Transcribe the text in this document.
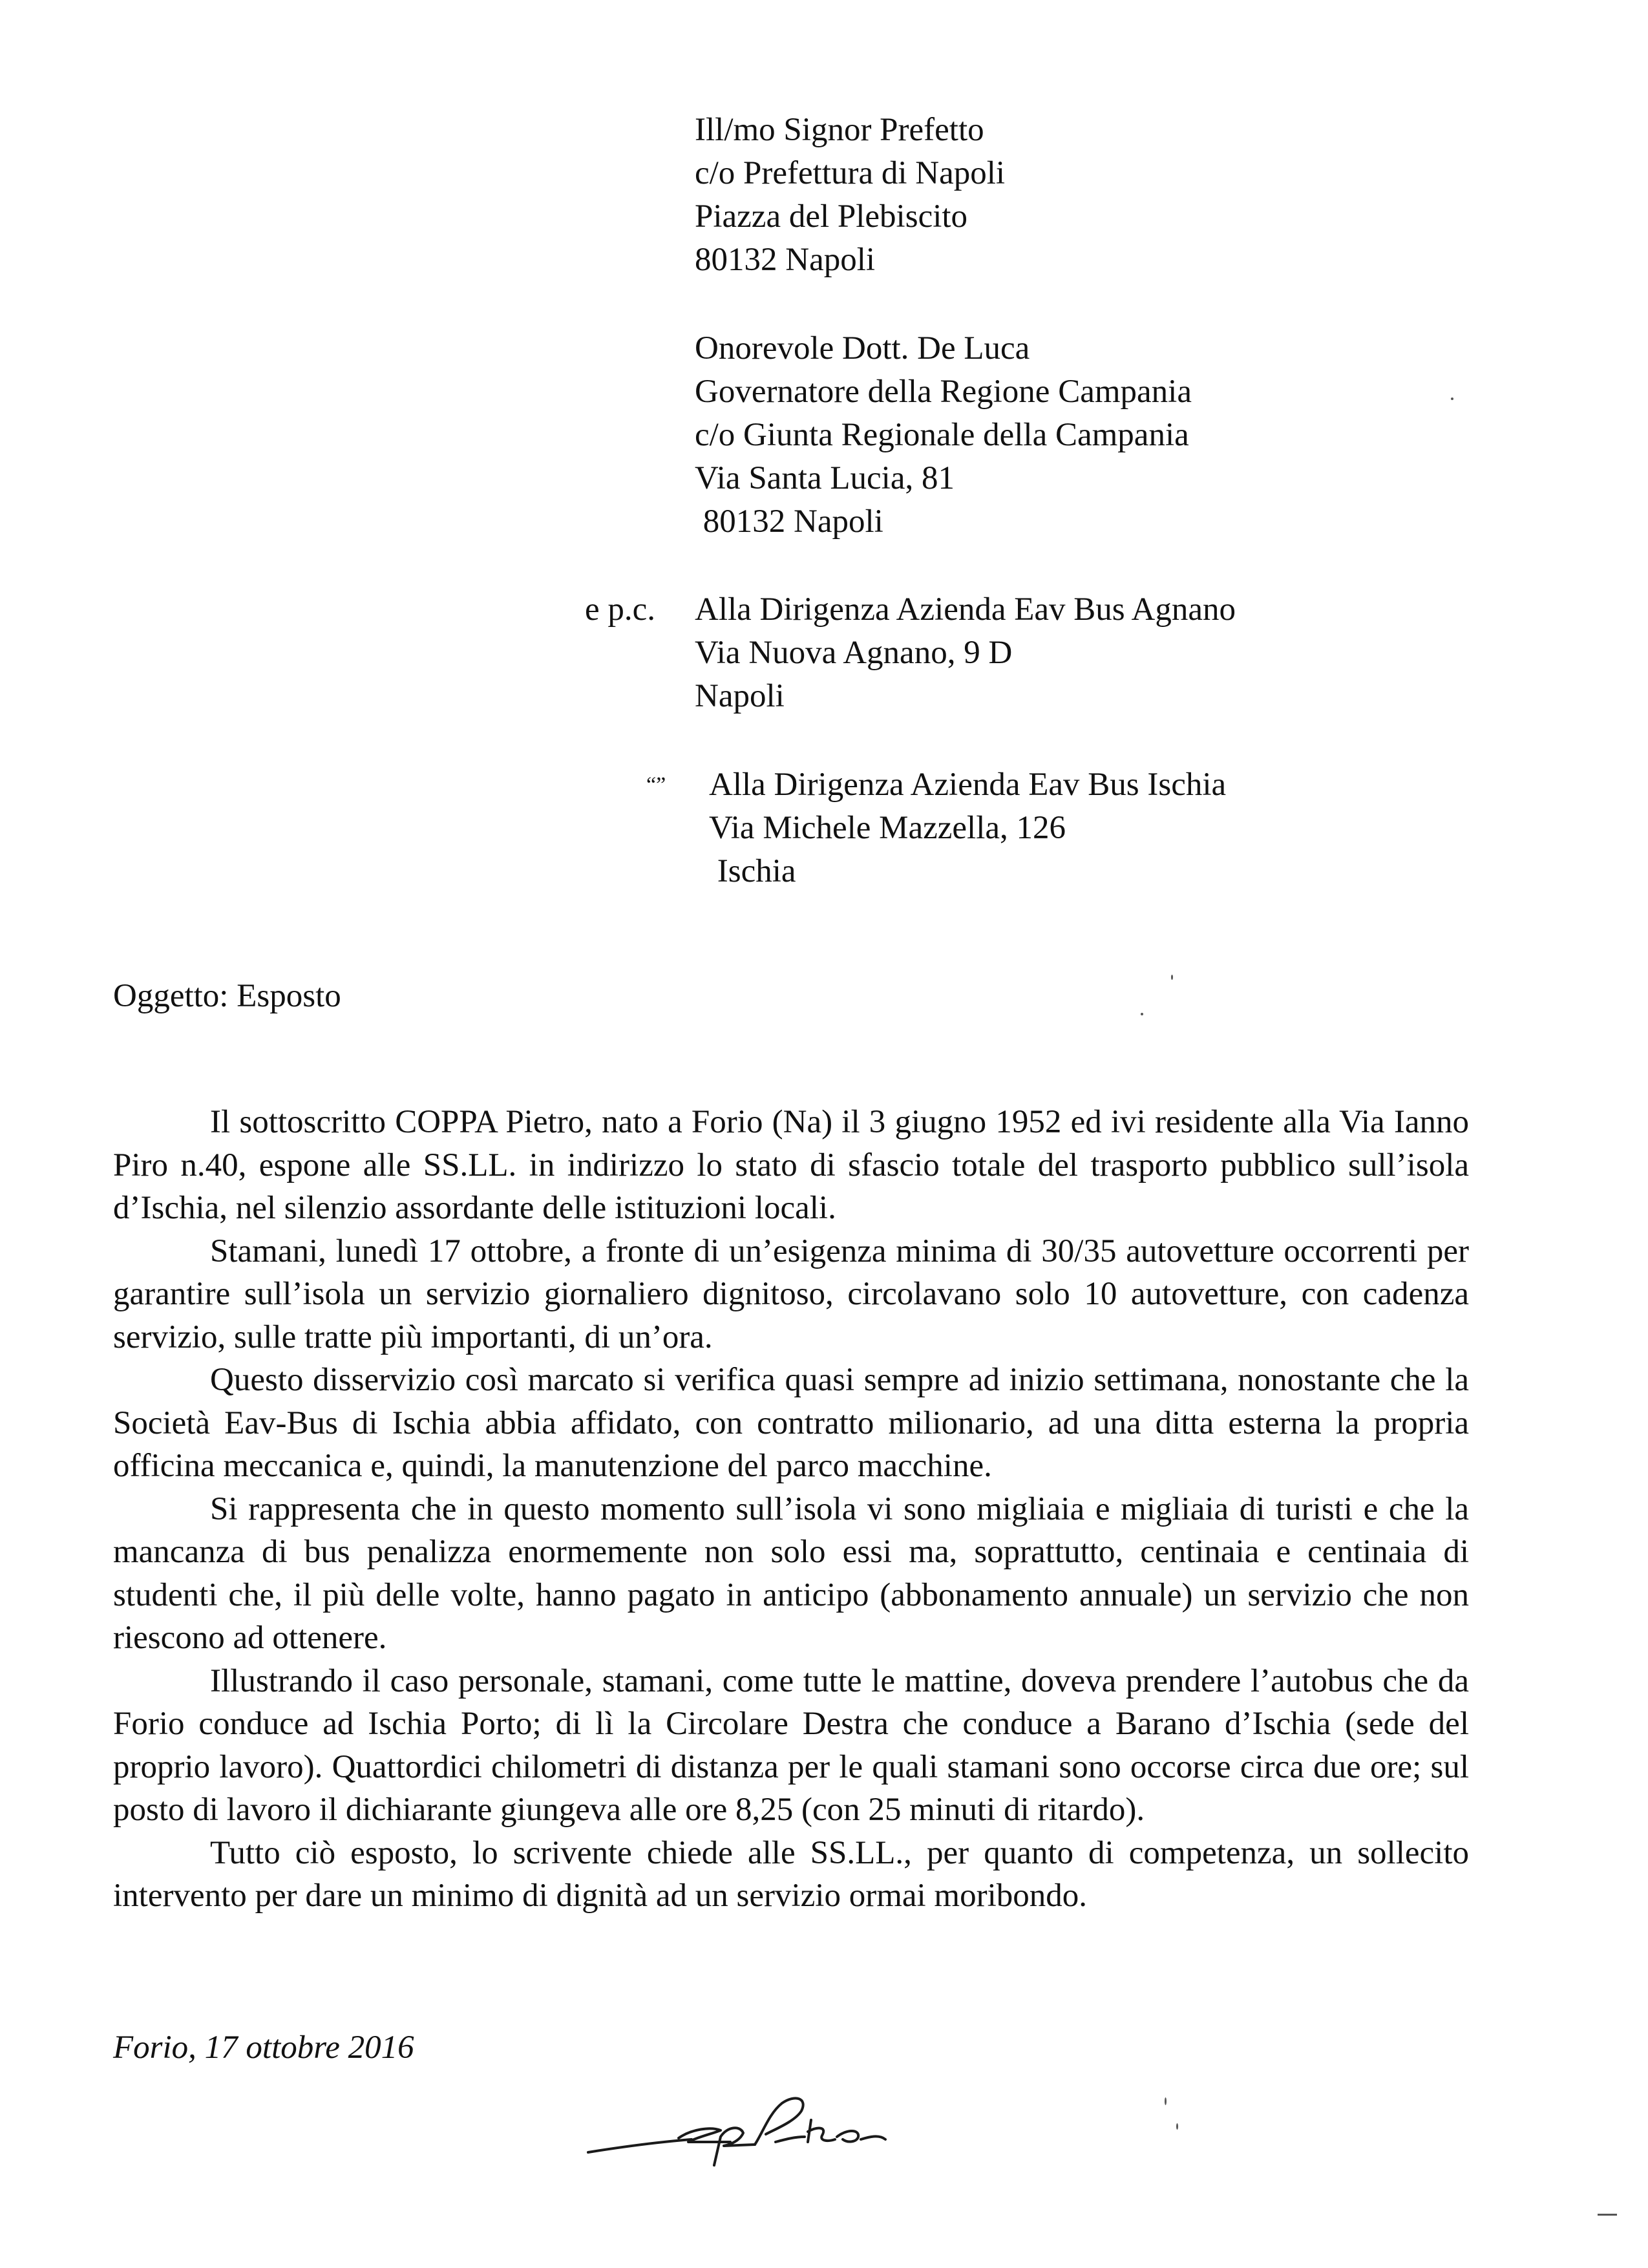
Ill/mo Signor Prefetto
c/o Prefettura di Napoli
Piazza del Plebiscito
80132 Napoli
Onorevole Dott. De Luca
Governatore della Regione Campania
c/o Giunta Regionale della Campania
Via Santa Lucia, 81
80132 Napoli
e p.c. Alla Dirigenza Azienda Eav Bus Agnano
Via Nuova Agnano, 9 D
Napoli
“” Alla Dirigenza Azienda Eav Bus Ischia
Via Michele Mazzella, 126
Ischia
Oggetto: Esposto

Il sottoscritto COPPA Pietro, nato a Forio (Na) il 3 giugno 1952 ed ivi residente alla Via Ianno Piro n.40, espone alle SS.LL. in indirizzo lo stato di sfascio totale del trasporto pubblico sull’isola d’Ischia, nel silenzio assordante delle istituzioni locali.

Stamani, lunedì 17 ottobre, a fronte di un’esigenza minima di 30/35 autovetture occorrenti per garantire sull’isola un servizio giornaliero dignitoso, circolavano solo 10 autovetture, con cadenza servizio, sulle tratte più importanti, di un’ora.

Questo disservizio così marcato si verifica quasi sempre ad inizio settimana, nonostante che la Società Eav-Bus di Ischia abbia affidato, con contratto milionario, ad una ditta esterna la propria officina meccanica e, quindi, la manutenzione del parco macchine.

Si rappresenta che in questo momento sull’isola vi sono migliaia e migliaia di turisti e che la mancanza di bus penalizza enormemente non solo essi ma, soprattutto, centinaia e centinaia di studenti che, il più delle volte, hanno pagato in anticipo (abbonamento annuale) un servizio che non riescono ad ottenere.

Illustrando il caso personale, stamani, come tutte le mattine, doveva prendere l’autobus che da Forio conduce ad Ischia Porto; di lì la Circolare Destra che conduce a Barano d’Ischia (sede del proprio lavoro). Quattordici chilometri di distanza per le quali stamani sono occorse circa due ore; sul posto di lavoro il dichiarante giungeva alle ore 8,25 (con 25 minuti di ritardo).

Tutto ciò esposto, lo scrivente chiede alle SS.LL., per quanto di competenza, un sollecito intervento per dare un minimo di dignità ad un servizio ormai moribondo.

Forio, 17 ottobre 2016
